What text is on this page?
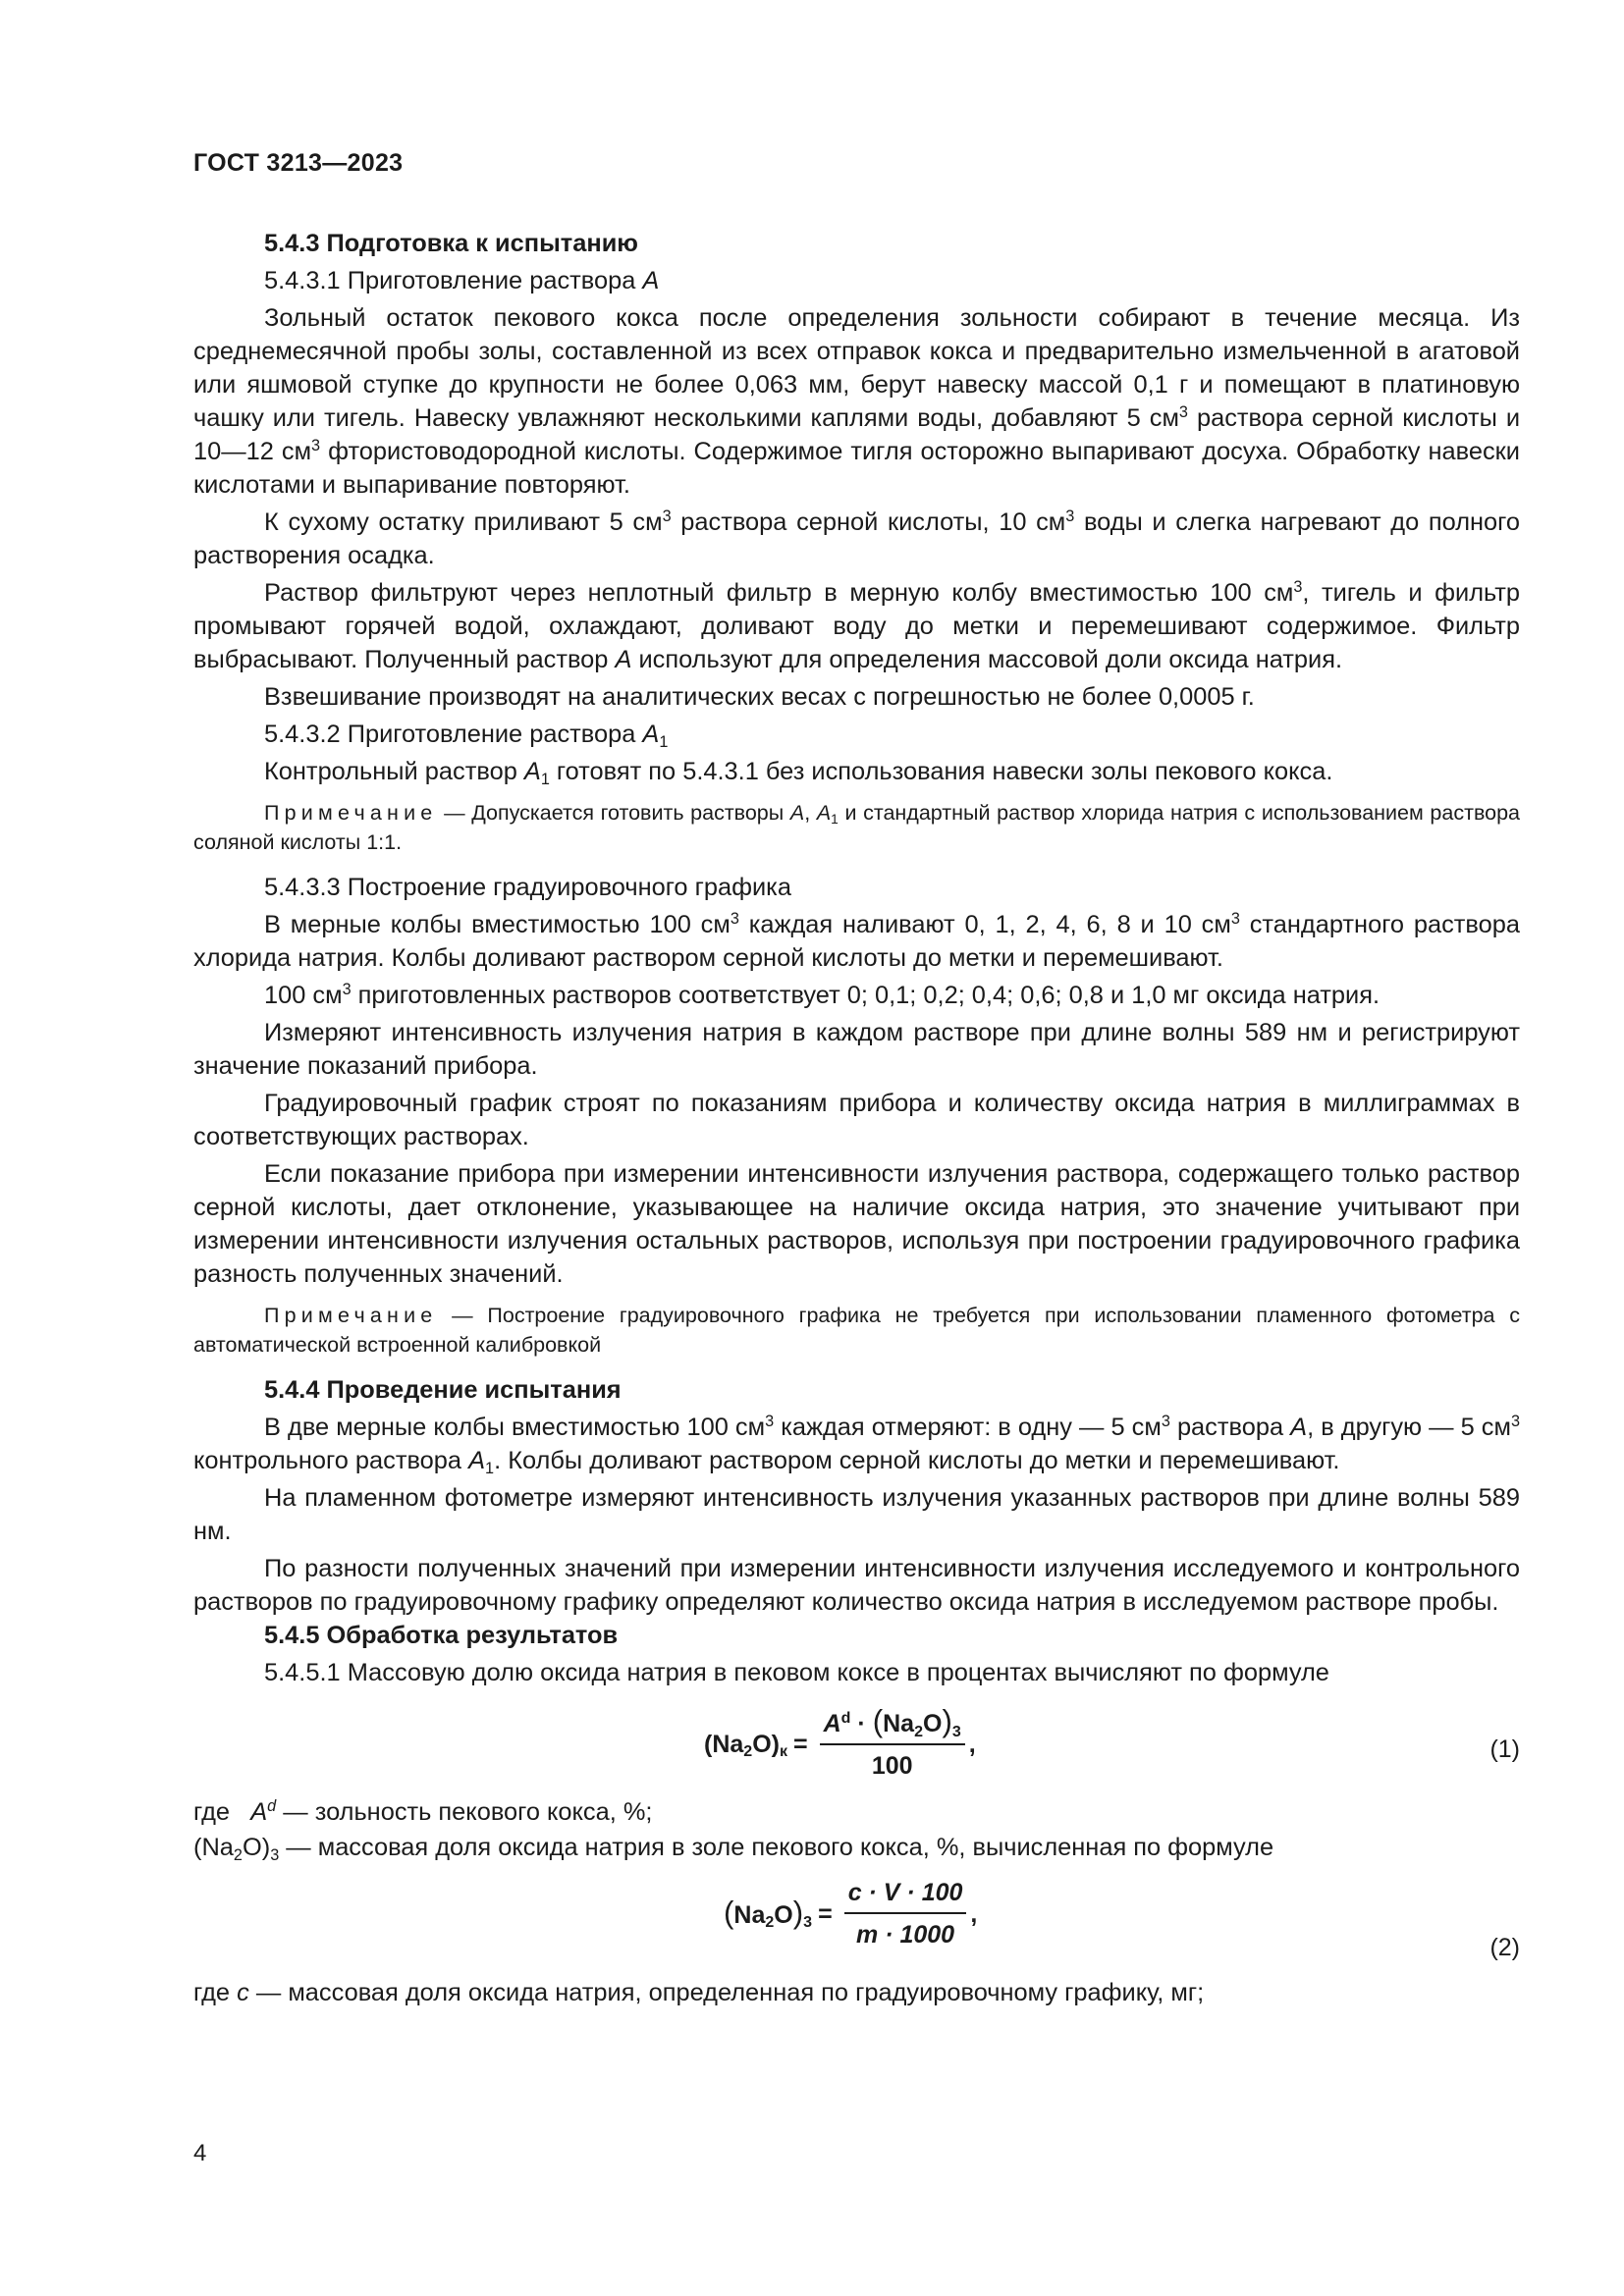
ГОСТ 3213—2023
5.4.3 Подготовка к испытанию
5.4.3.1 Приготовление раствора А
Зольный остаток пекового кокса после определения зольности собирают в течение месяца. Из среднемесячной пробы золы, составленной из всех отправок кокса и предварительно измельченной в агатовой или яшмовой ступке до крупности не более 0,063 мм, берут навеску массой 0,1 г и помещают в платиновую чашку или тигель. Навеску увлажняют несколькими каплями воды, добавляют 5 $см^3$ раствора серной кислоты и 10—12 $см^3$ фтористоводородной кислоты. Содержимое тигля осторожно выпаривают досуха. Обработку навески кислотами и выпаривание повторяют.
К сухому остатку приливают 5 $см^3$ раствора серной кислоты, 10 $см^3$ воды и слегка нагревают до полного растворения осадка.
Раствор фильтруют через неплотный фильтр в мерную колбу вместимостью 100 $см^3$, тигель и фильтр промывают горячей водой, охлаждают, доливают воду до метки и перемешивают содержимое. Фильтр выбрасывают. Полученный раствор А используют для определения массовой доли оксида натрия.
Взвешивание производят на аналитических весах с погрешностью не более 0,0005 г.
5.4.3.2 Приготовление раствора А1
Контрольный раствор А1 готовят по 5.4.3.1 без использования навески золы пекового кокса.
Примечание — Допускается готовить растворы А, А1 и стандартный раствор хлорида натрия с использованием раствора соляной кислоты 1:1.
5.4.3.3 Построение градуировочного графика
В мерные колбы вместимостью 100 $см^3$ каждая наливают 0, 1, 2, 4, 6, 8 и 10 $см^3$ стандартного раствора хлорида натрия. Колбы доливают раствором серной кислоты до метки и перемешивают.
100 $см^3$ приготовленных растворов соответствует 0; 0,1; 0,2; 0,4; 0,6; 0,8 и 1,0 мг оксида натрия.
Измеряют интенсивность излучения натрия в каждом растворе при длине волны 589 нм и регистрируют значение показаний прибора.
Градуировочный график строят по показаниям прибора и количеству оксида натрия в миллиграммах в соответствующих растворах.
Если показание прибора при измерении интенсивности излучения раствора, содержащего только раствор серной кислоты, дает отклонение, указывающее на наличие оксида натрия, это значение учитывают при измерении интенсивности излучения остальных растворов, используя при построении градуировочного графика разность полученных значений.
Примечание — Построение градуировочного графика не требуется при использовании пламенного фотометра с автоматической встроенной калибровкой
5.4.4 Проведение испытания
В две мерные колбы вместимостью 100 $см^3$ каждая отмеряют: в одну — 5 $см^3$ раствора А, в другую — 5 $см^3$ контрольного раствора А1. Колбы доливают раствором серной кислоты до метки и перемешивают.
На пламенном фотометре измеряют интенсивность излучения указанных растворов при длине волны 589 нм.
По разности полученных значений при измерении интенсивности излучения исследуемого и контрольного растворов по градуировочному графику определяют количество оксида натрия в исследуемом растворе пробы.
5.4.5 Обработка результатов
5.4.5.1 Массовую долю оксида натрия в пековом коксе в процентах вычисляют по формуле
$(Na2O)к = \frac{A^d \cdot (Na2O)3}{100}$ ,	(1)
где $A^d$ — зольность пекового кокса, %;
(Na2O)3 — массовая доля оксида натрия в золе пекового кокса, %, вычисленная по формуле
$(Na2O)3 = \frac{c \cdot V \cdot 100}{m \cdot 1000}$ ,
(2)
где с — массовая доля оксида натрия, определенная по градуировочному графику, мг;
4
